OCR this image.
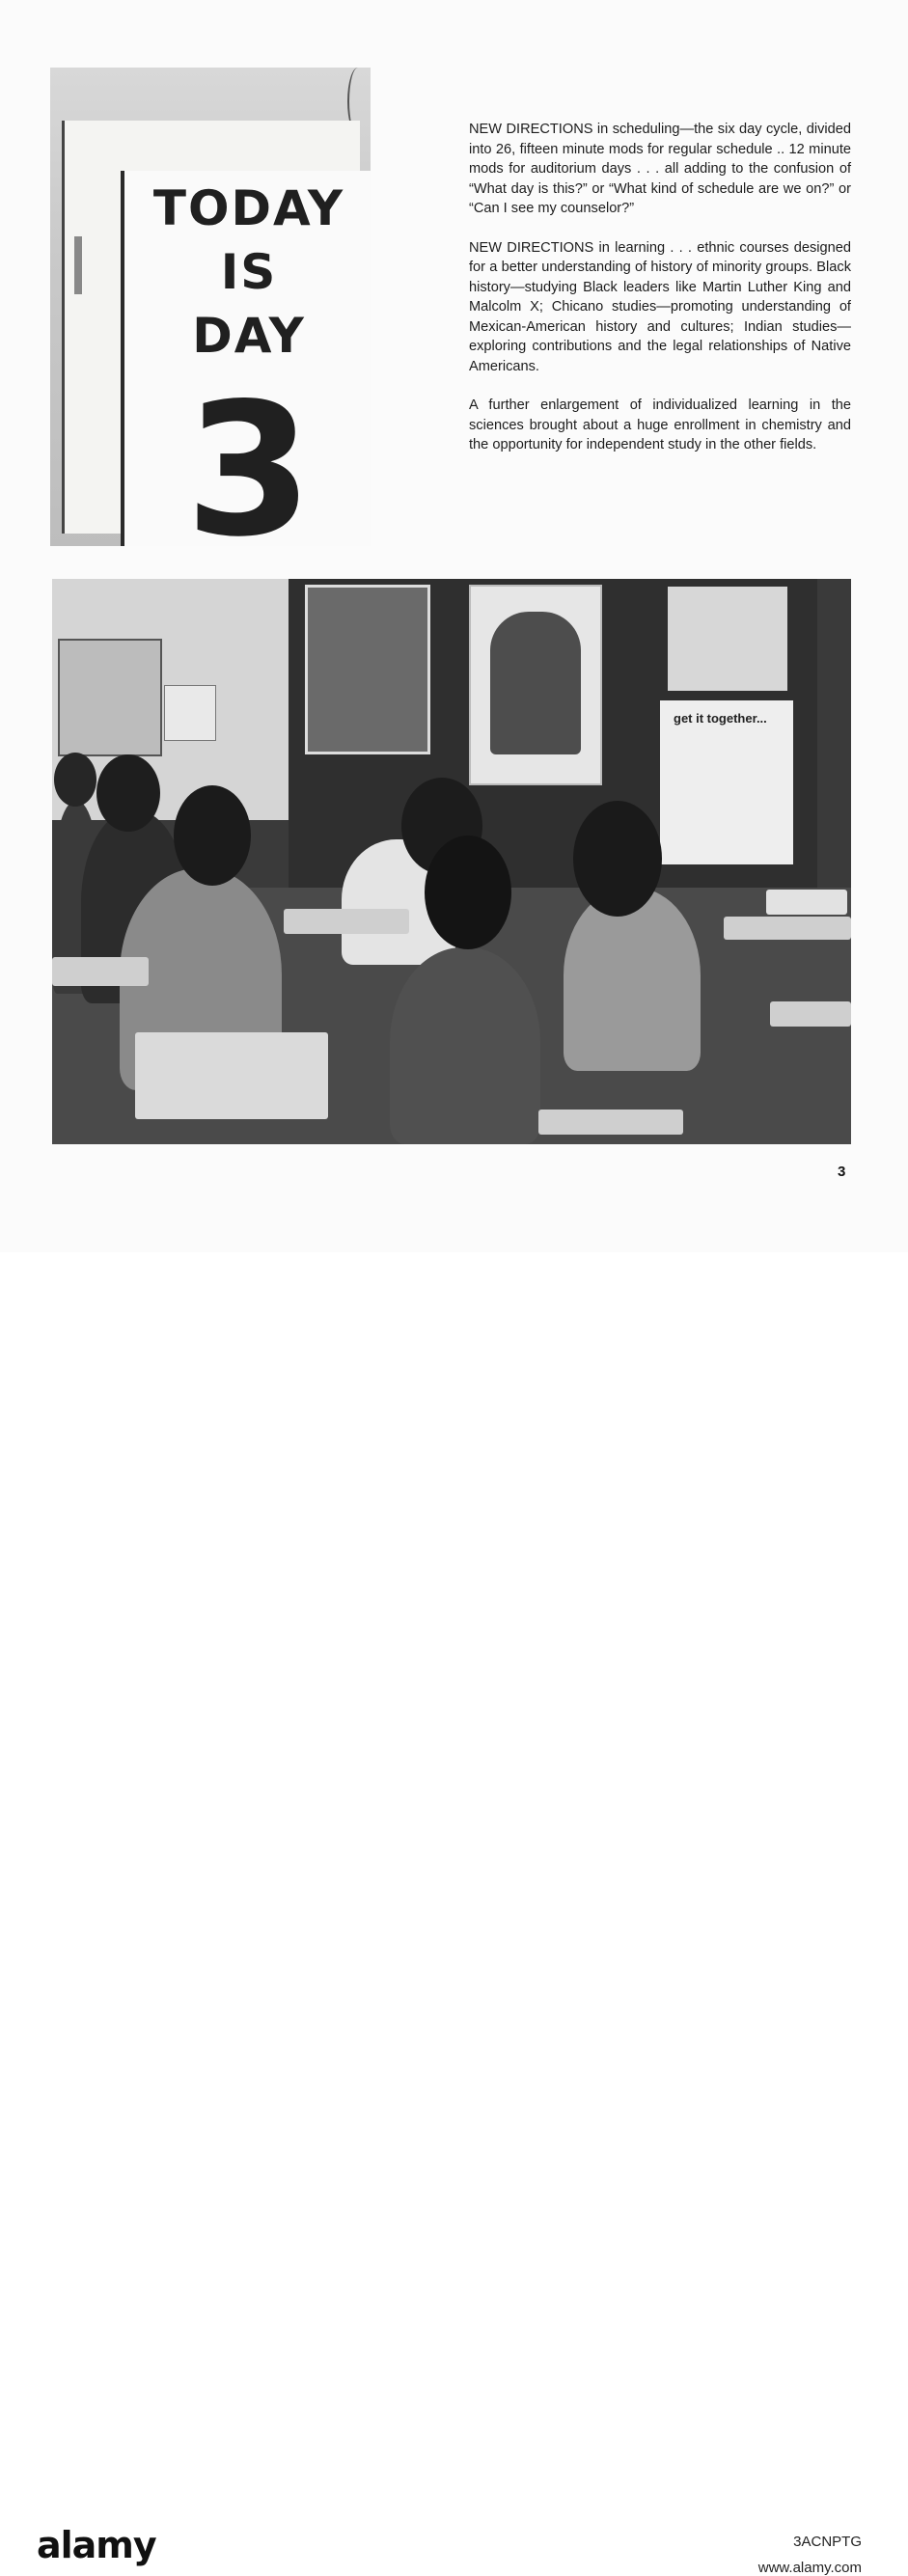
TODAY
IS
DAY
3

NEW DIRECTIONS in scheduling—the six day cycle, divided into 26, fifteen minute mods for regular schedule .. 12 minute mods for auditorium days . . . all adding to the confusion of “What day is this?” or “What kind of schedule are we on?” or “Can I see my counselor?”

NEW DIRECTIONS in learning . . . ethnic courses designed for a better understanding of history of minority groups. Black history—studying Black leaders like Martin Luther King and Malcolm X; Chicano studies—promoting understanding of Mexican-American history and cultures; Indian studies—exploring contributions and the legal relationships of Native Americans.

A further enlargement of individualized learning in the sciences brought about a huge enrollment in chemistry and the opportunity for independent study in the other fields.

get it together...
3
alamy	3ACNPTG
www.alamy.com
